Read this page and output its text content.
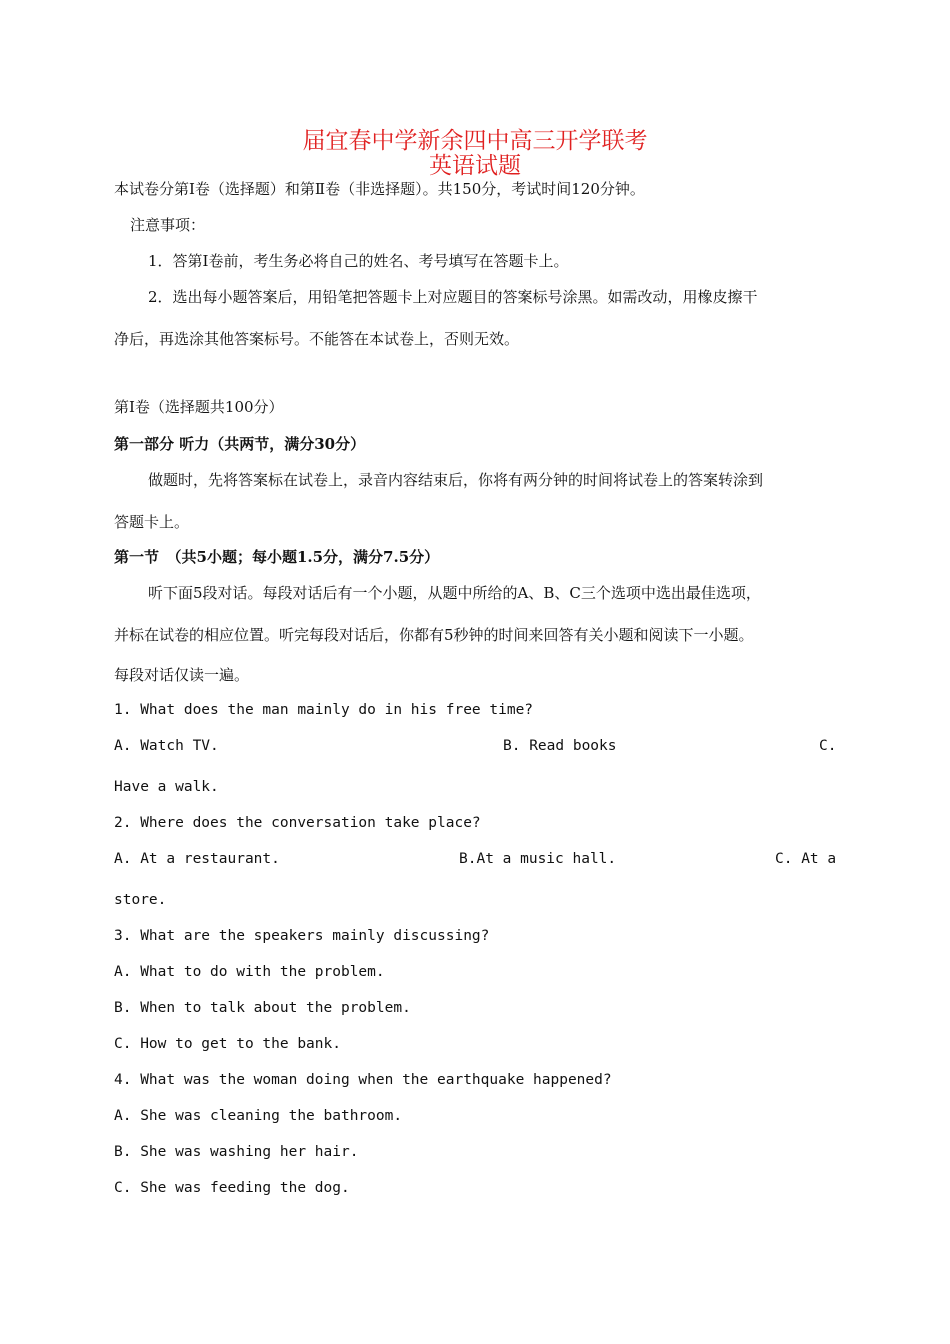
届宜春中学新余四中高三开学联考
英语试题
本试卷分第Ⅰ卷（选择题）和第Ⅱ卷（非选择题）。共150分，考试时间120分钟。
注意事项：
1．答第Ⅰ卷前，考生务必将自己的姓名、考号填写在答题卡上。
2．选出每小题答案后，用铅笔把答题卡上对应题目的答案标号涂黑。如需改动，用橡皮擦干
净后，再选涂其他答案标号。不能答在本试卷上，否则无效。
第Ⅰ卷（选择题共100分）
第一部分 听力（共两节，满分30分）
做题时，先将答案标在试卷上，录音内容结束后，你将有两分钟的时间将试卷上的答案转涂到
答题卡上。
第一节　（共5小题；每小题1.5分，满分7.5分）
听下面5段对话。每段对话后有一个小题，从题中所给的A、B、C三个选项中选出最佳选项，
并标在试卷的相应位置。听完每段对话后，你都有5秒钟的时间来回答有关小题和阅读下一小题。
每段对话仅读一遍。
1. What does the man mainly do in his free time?
A. Watch TV.	B. Read books	C.
Have a walk.
2. Where does the conversation take place?
A. At a restaurant.	B.At a music hall.	C. At a
store.
3. What are the speakers mainly discussing?
A. What to do with the problem.
B. When to talk about the problem.
C. How to get to the bank.
4. What was the woman doing when the earthquake happened?
A. She was cleaning the bathroom.
B. She was washing her hair.
C. She was feeding the dog.
